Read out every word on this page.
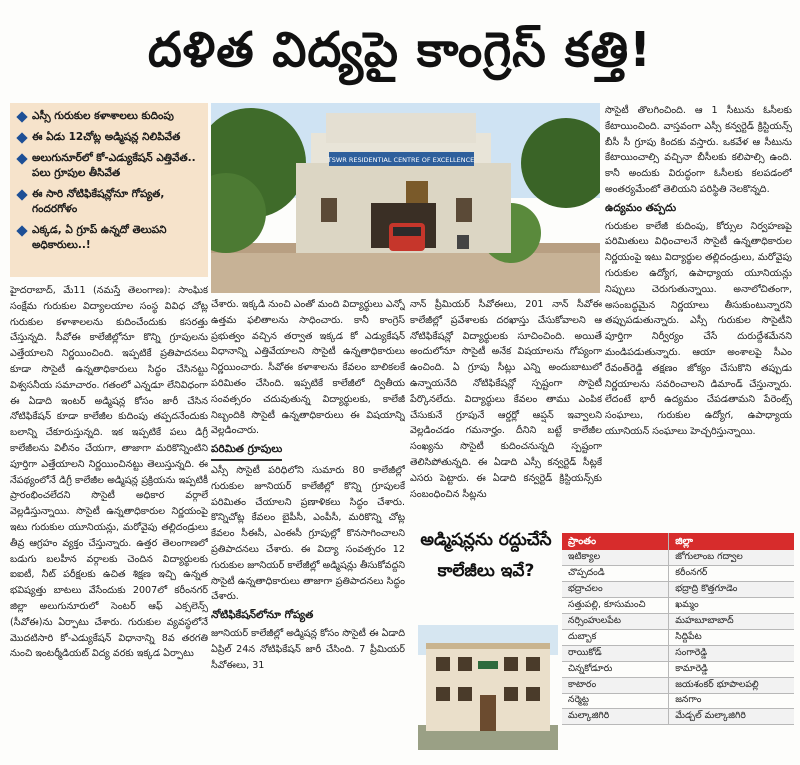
దళిత విద్యపై కాంగ్రెస్ కత్తి!
ఎస్సీ గురుకుల కళాశాలలు కుదింపు
ఈ ఏడు 12చోట్ల అడ్మిషన్ల నిలిపివేత
అలుగునూర్‌లో కో-ఎడ్యుకేషన్ ఎత్తివేత.. పలు గ్రూపుల తీసివేత
ఈ సారి నోటిఫికేషన్లోనూ గోప్యత, గందరగోళం
ఎక్కడ, ఏ గ్రూప్ ఉన్నదో తెలుపని అధికారులు..!
TSWR RESIDENTIAL CENTRE OF EXCELLENCE

హైదరాబాద్, మే11 (నమస్తే తెలంగాణ): సాంఘిక సంక్షేమ గురుకుల విద్యాలయాల సంస్థ వివిధ చోట్ల గురుకుల కళాశాలలను కుదించేందుకు కసరత్తు చేస్తున్నది. సీవోఈ కాలేజీల్లోనూ కొన్ని గ్రూపులను ఎత్తేయాలని నిర్ణయించింది. ఇప్పటికే ప్రతిపాదనలు కూడా సొసైటీ ఉన్నతాధికారులు సిద్ధం చేసినట్టు విశ్వసనీయ సమాచారం. గతంలో ఎన్నడూ లేనివిధంగా ఈ ఏడాది ఇంటర్ అడ్మిషన్ల కోసం జారీ చేసిన నోటిఫికేషన్ కూడా కాలేజీల కుదింపు తప్పదనేందుకు బలాన్ని చేకూరుస్తున్నది. ఇక ఇప్పటికే పలు డిగ్రీ కాలేజీలను విలీనం చేయగా, తాజాగా మరికొన్నింటిని పూర్తిగా ఎత్తేయాలని నిర్ణయించినట్టు తెలుస్తున్నది. ఈ నేపథ్యంలోనే డిగ్రీ కాలేజీల అడ్మిషన్ల ప్రక్రియను ఇప్పటికీ ప్రారంభించలేదని సొసైటీ అధికార వర్గాలే వెల్లడిస్తున్నాయి. సొసైటీ ఉన్నతాధికారుల నిర్ణయంపై ఇటు గురుకుల యూనియన్లు, మరోవైపు తల్లిదండ్రులు తీవ్ర ఆగ్రహం వ్యక్తం చేస్తున్నారు. ఉత్తర తెలంగాణలో బడుగు బలహీన వర్గాలకు చెందిన విద్యార్థులకు ఐఐటీ, నీట్ పరీక్షలకు ఉచిత శిక్షణ ఇచ్చి ఉన్నత భవిష్యత్తు బాటలు వేసేందుకు 2007లో కరీంనగర్ జిల్లా అలుగునూరులో సెంటర్ ఆఫ్ ఎక్సలెన్స్ (సీవోఈ)ను ఏర్పాటు చేశారు. గురుకుల వ్యవస్థలోనే మొదటిసారి కో-ఎడ్యుకేషన్ విధానాన్ని 8వ తరగతి నుంచి ఇంటర్మీడియట్ విద్య వరకు ఇక్కడ ఏర్పాటు

చేశారు. ఇక్కడి నుంచి ఎంతో మంది విద్యార్థులు ఎన్నో ఉత్తమ ఫలితాలను సాధించారు. కానీ కాంగ్రెస్ ప్రభుత్వం వచ్చిన తర్వాత ఇక్కడ కో ఎడ్యుకేషన్ విధానాన్ని ఎత్తివేయాలని సొసైటీ ఉన్నతాధికారులు నిర్ణయించారు. సీవోఈ కళాశాలను కేవలం బాలికలకే పరిమితం చేసింది. ఇప్పటికే కాలేజీలో ద్వితీయ సంవత్సరం చదువుతున్న విద్యార్థులకు, కాలేజీ నిబ్బందికి సొసైటీ ఉన్నతాధికారులు ఈ విషయాన్ని వెల్లడించారు.

పరిమిత గ్రూపులు

ఎస్సీ సొసైటీ పరిధిలోని సుమారు 80 కాలేజీల్లో గురుకుల జూనియర్ కాలేజీల్లో కొన్ని గ్రూపులకే పరిమితం చేయాలని ప్రణాళికలు సిద్ధం చేశారు. కొన్నిచోట్ల కేవలం బైపీసీ, ఎంపీసీ, మరికొన్ని చోట్ల కేవలం సీఈసీ, ఎంఈసీ గ్రూపుల్లో కొనసాగించాలని ప్రతిపాదనలు చేశారు. ఈ విద్యా సంవత్సరం 12 గురుకుల జూనియర్ కాలేజీల్లో అడ్మిషన్లు తీసుకోవద్దని సొసైటీ ఉన్నతాధికారులు తాజాగా ప్రతిపాదనలు సిద్ధం చేశారు.

నోటిఫికేషన్‌లోనూ గోప్యత

జూనియర్ కాలేజీల్లో అడ్మిషన్ల కోసం సొసైటీ ఈ ఏడాది ఏప్రిల్ 24న నోటిఫికేషన్ జారీ చేసింది. 7 ప్రీమియర్ సీవోఈలు, 31

నాన్ ప్రీమియర్ సీవోఈలు, 201 నాన్ సీవోఈ కాలేజీల్లో ప్రవేశాలకు దరఖాస్తు చేసుకోవాలని ఆ నోటిఫికేషన్లో విద్యార్థులకు సూచించింది. అయితే అందులోనూ సొసైటీ అనేక విషయాలను గోప్యంగా ఉంచింది. ఏ గ్రూపు సీట్లు ఎన్ని అందుబాటులో ఉన్నాయనేది నోటిఫికేషన్లో స్పష్టంగా సొసైటీ పేర్కొనలేదు. విద్యార్థులు కేవలం తాము ఎంపిక చేసుకునే గ్రూపునే ఆర్డర్లో ఆప్షన్ ఇవ్వాలని వెల్లడించడం గమనార్హం. దీనిని బట్టే కాలేజీల సంఖ్యను సొసైటీ కుదించనున్నది స్పష్టంగా తెలిసిపోతున్నది. ఈ ఏడాది ఎస్సీ కన్వర్టెడ్ సీట్లకే ఎసరు పెట్టారు. ఈ ఏడాది కన్వర్టెడ్ క్రిస్టియన్స్‌కు సంబంధించిన సీట్లను

సొసైటీ తొలగించింది. ఆ 1 సీటును ఓసీలకు కేటాయించింది. వాస్తవంగా ఎస్సీ కన్వర్టెడ్ క్రిస్టియన్స్ బీసీ సీ గ్రూపు కిందకు వస్తారు. ఒకవేళ ఆ సీటును కేటాయించాల్సి వచ్చినా బీసీలకు కలిపాల్సి ఉంది. కానీ అందుకు విరుద్ధంగా ఓసీలకు కలపడంలో అంతర్యమేంటో తెలియని పరిస్థితి నెలకొన్నది.

ఉద్యమం తప్పదు

గురుకుల కాలేజీ కుదింపు, కోర్సుల నిర్వహణపై పరిమితులు విధించాలనే సొసైటీ ఉన్నతాధికారుల నిర్ణయంపై ఇటు విద్యార్థుల తల్లిదండ్రులు, మరోవైపు గురుకుల ఉద్యోగ, ఉపాధ్యాయ యూనియన్లు నిప్పులు చెరుగుతున్నాయి. అనాలోచితంగా, అసంబద్ధమైన నిర్ణయాలు తీసుకుంటున్నారని తప్పుపడుతున్నారు. ఎస్సీ గురుకుల సొసైటీని పూర్తిగా నిర్వీర్యం చేసే దురుద్దేశమేనని మండిపడుతున్నారు. ఆయా అంశాలపై సీఎం రేవంత్‌రెడ్డి తక్షణం జోక్యం చేసుకొని తప్పుడు నిర్ణయాలను సవరించాలని డిమాండ్ చేస్తున్నారు. లేదంటే భారీ ఉద్యమం చేపడతామని పేరెంట్స్ సంఘాలు, గురుకుల ఉద్యోగ, ఉపాధ్యాయ యూనియన్ సంఘాలు హెచ్చరిస్తున్నాయి.

అడ్మిషన్లను రద్దుచేసే కాలేజీలు ఇవే?
ప్రాంతం	జిల్లా
ఇటిక్యాల	జోగులాంబ గద్వాల
చొప్పదండి	కరీంనగర్
భద్రాచలం	భద్రాద్రి కొత్తగూడెం
సత్తుపల్లి, కూసుమంచి	ఖమ్మం
నర్సింహులపేట	మహబూబాబాద్
దుబ్బాక	సిద్దిపేట
రాయికోడ్	సంగారెడ్డి
చిన్నకోడూరు	కామారెడ్డి
కాటారం	జయశంకర్ భూపాలపల్లి
నర్మెట్ట	జనగాం
మల్కాజిగిరి	మేడ్చల్ మల్కాజిగిరి
